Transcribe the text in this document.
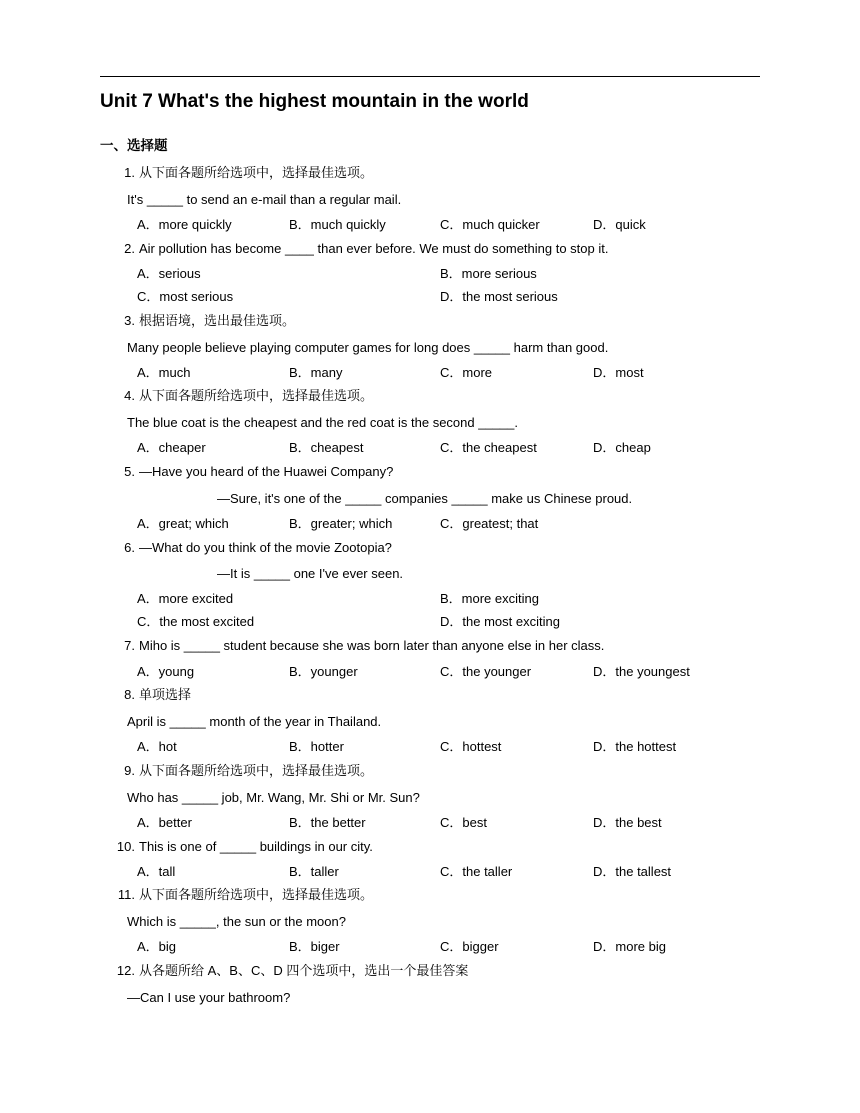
Unit 7 What's the highest mountain in the world
一、选择题
1. 从下面各题所给选项中，选择最佳选项。
It's _____ to send an e-mail than a regular mail.
A．more quickly	B．much quickly	C．much quicker	D．quick
2. Air pollution has become ____ than ever before. We must do something to stop it.
A．serious	B．more serious
C．most serious	D．the most serious
3. 根据语境，选出最佳选项。
Many people believe playing computer games for long does _____ harm than good.
A．much	B．many	C．more	D．most
4. 从下面各题所给选项中，选择最佳选项。
The blue coat is the cheapest and the red coat is the second _____.
A．cheaper	B．cheapest	C．the cheapest	D．cheap
5. —Have you heard of the Huawei Company?
—Sure, it's one of the _____ companies _____ make us Chinese proud.
A．great; which	B．greater; which	C．greatest; that
6. —What do you think of the movie Zootopia?
—It is _____ one I've ever seen.
A．more excited	B．more exciting
C．the most excited	D．the most exciting
7. Miho is _____ student because she was born later than anyone else in her class.
A．young	B．younger	C．the younger	D．the youngest
8. 单项选择
April is _____ month of the year in Thailand.
A．hot	B．hotter	C．hottest	D．the hottest
9. 从下面各题所给选项中，选择最佳选项。
Who has _____ job, Mr. Wang, Mr. Shi or Mr. Sun?
A．better	B．the better	C．best	D．the best
10. This is one of _____ buildings in our city.
A．tall	B．taller	C．the taller	D．the tallest
11. 从下面各题所给选项中，选择最佳选项。
Which is _____, the sun or the moon?
A．big	B．biger	C．bigger	D．more big
12. 从各题所给 A、B、C、D 四个选项中，选出一个最佳答案
—Can I use your bathroom?
